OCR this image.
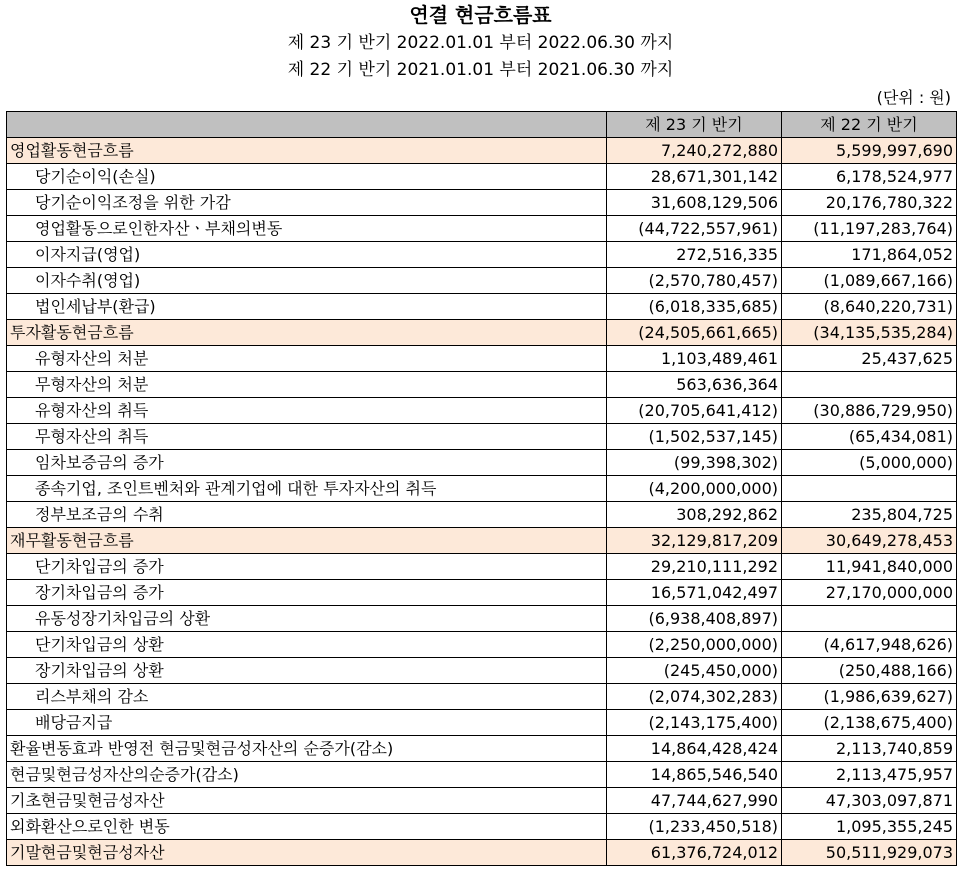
연결 현금흐름표
제 23 기 반기 2022.01.01 부터 2022.06.30 까지
제 22 기 반기 2021.01.01 부터 2021.06.30 까지
(단위 : 원)
	제 23 기 반기	제 22 기 반기
영업활동현금흐름	7,240,272,880	5,599,997,690
당기순이익(손실)	28,671,301,142	6,178,524,977
당기순이익조정을 위한 가감	31,608,129,506	20,176,780,322
영업활동으로인한자산ㆍ부채의변동	(44,722,557,961)	(11,197,283,764)
이자지급(영업)	272,516,335	171,864,052
이자수취(영업)	(2,570,780,457)	(1,089,667,166)
법인세납부(환급)	(6,018,335,685)	(8,640,220,731)
투자활동현금흐름	(24,505,661,665)	(34,135,535,284)
유형자산의 처분	1,103,489,461	25,437,625
무형자산의 처분	563,636,364	
유형자산의 취득	(20,705,641,412)	(30,886,729,950)
무형자산의 취득	(1,502,537,145)	(65,434,081)
임차보증금의 증가	(99,398,302)	(5,000,000)
종속기업, 조인트벤처와 관계기업에 대한 투자자산의 취득	(4,200,000,000)	
정부보조금의 수취	308,292,862	235,804,725
재무활동현금흐름	32,129,817,209	30,649,278,453
단기차입금의 증가	29,210,111,292	11,941,840,000
장기차입금의 증가	16,571,042,497	27,170,000,000
유동성장기차입금의 상환	(6,938,408,897)	
단기차입금의 상환	(2,250,000,000)	(4,617,948,626)
장기차입금의 상환	(245,450,000)	(250,488,166)
리스부채의 감소	(2,074,302,283)	(1,986,639,627)
배당금지급	(2,143,175,400)	(2,138,675,400)
환율변동효과 반영전 현금및현금성자산의 순증가(감소)	14,864,428,424	2,113,740,859
현금및현금성자산의순증가(감소)	14,865,546,540	2,113,475,957
기초현금및현금성자산	47,744,627,990	47,303,097,871
외화환산으로인한 변동	(1,233,450,518)	1,095,355,245
기말현금및현금성자산	61,376,724,012	50,511,929,073
